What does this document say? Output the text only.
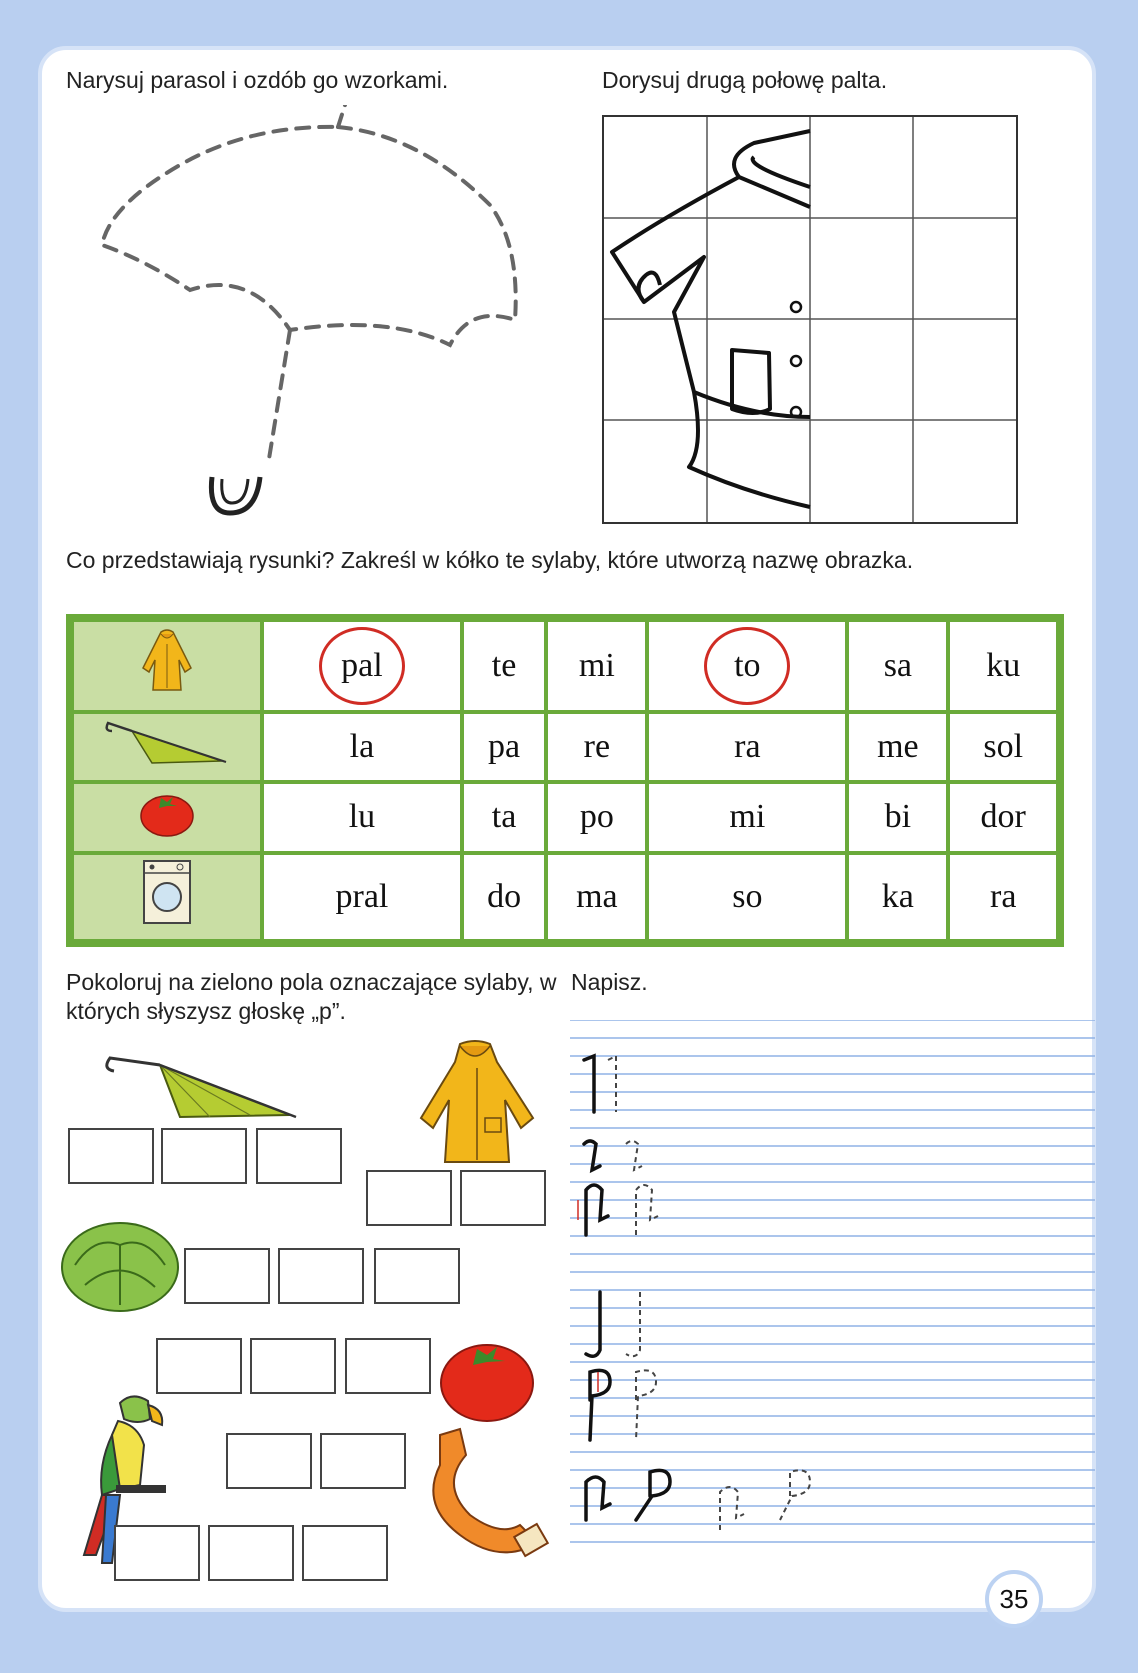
Narysuj parasol i ozdób go wzorkami.	Dorysuj drugą połowę palta.
Co przedstawiają rysunki? Zakreśl w kółko te sylaby, które utworzą nazwę obrazka.
	pal	te	mi	to	sa	ku
	la	pa	re	ra	me	sol
	lu	ta	po	mi	bi	dor
	pral	do	ma	so	ka	ra
Pokoloruj na zielono pola oznaczające sylaby, w których słyszysz głoskę „p”.
Napisz.
35
